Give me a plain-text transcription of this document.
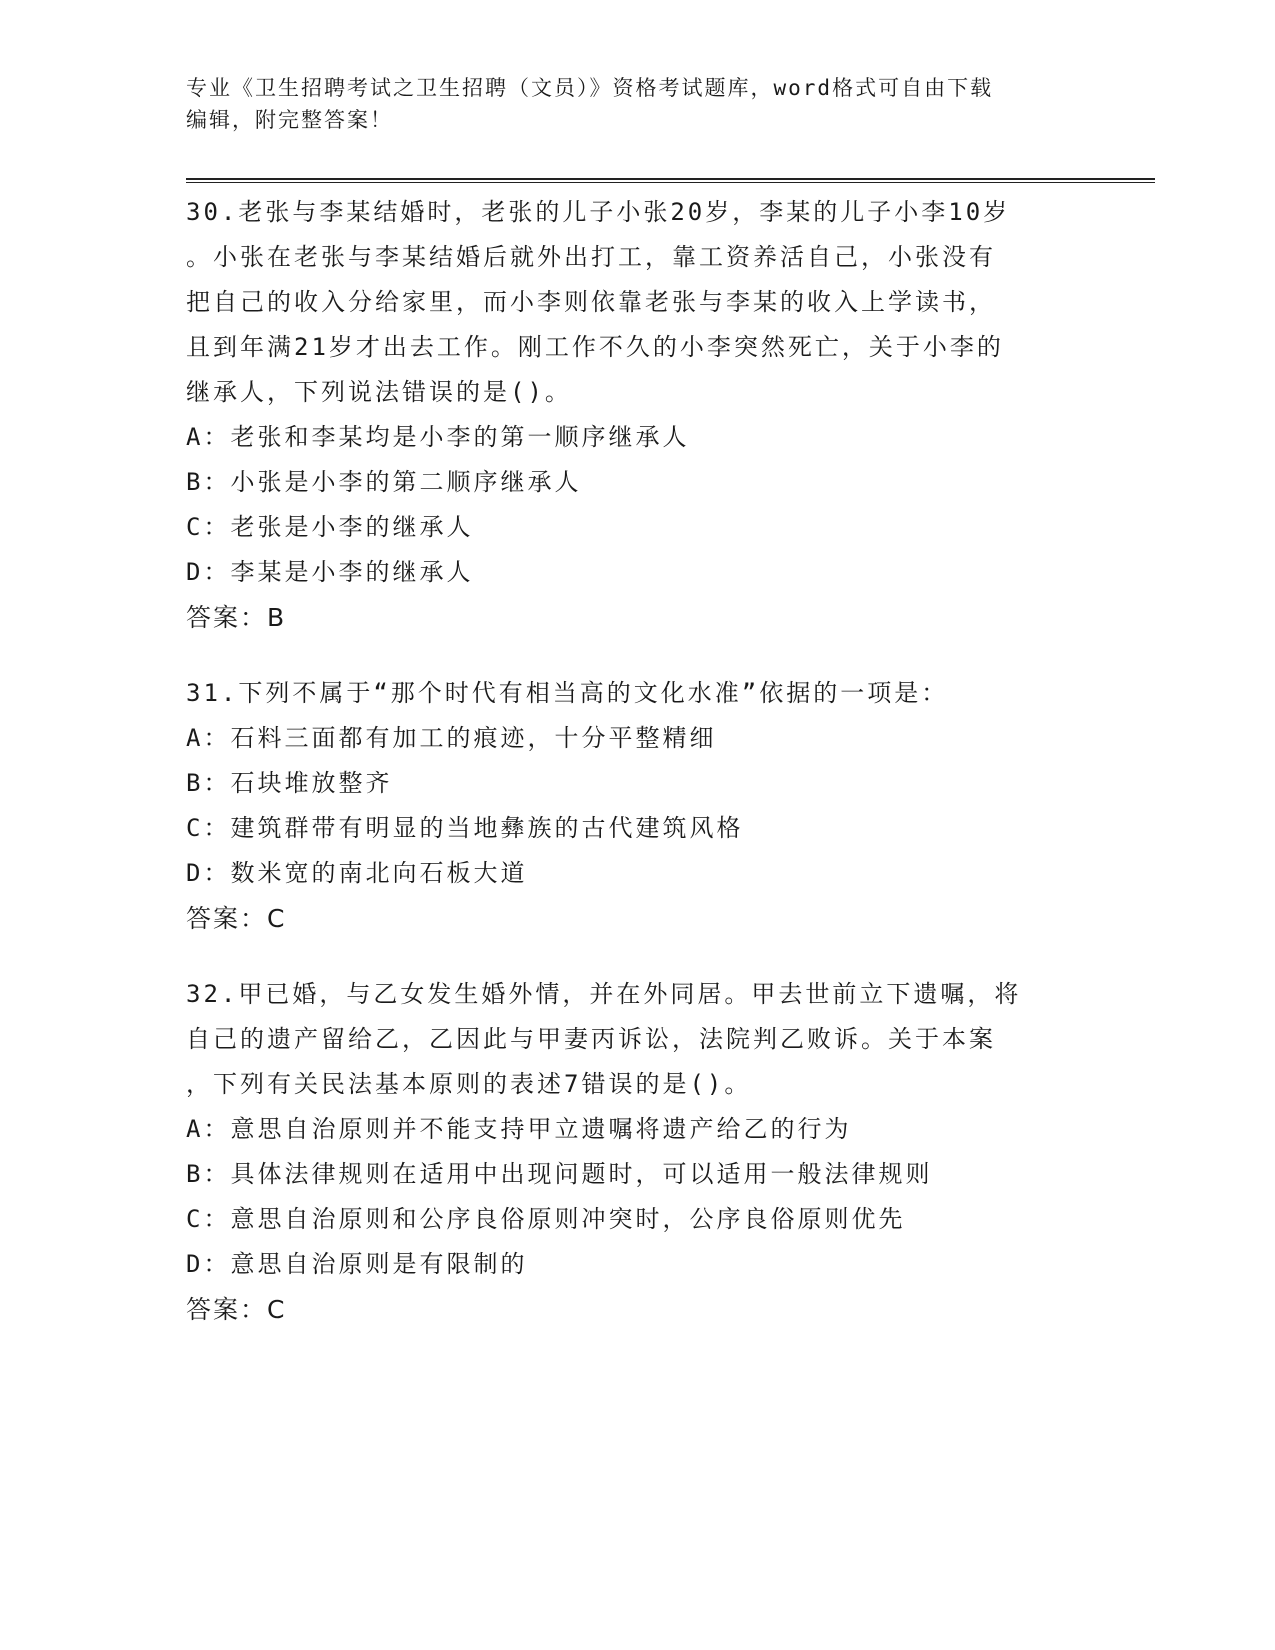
专业《卫生招聘考试之卫生招聘（文员）》资格考试题库，word格式可自由下载
编辑，附完整答案！
30.老张与李某结婚时，老张的儿子小张20岁，李某的儿子小李10岁
。小张在老张与李某结婚后就外出打工，靠工资养活自己，小张没有
把自己的收入分给家里，而小李则依靠老张与李某的收入上学读书，
且到年满21岁才出去工作。刚工作不久的小李突然死亡，关于小李的
继承人，下列说法错误的是()。
A：老张和李某均是小李的第一顺序继承人
B：小张是小李的第二顺序继承人
C：老张是小李的继承人
D：李某是小李的继承人
答案：B
31.下列不属于“那个时代有相当高的文化水准”依据的一项是：
A：石料三面都有加工的痕迹，十分平整精细
B：石块堆放整齐
C：建筑群带有明显的当地彝族的古代建筑风格
D：数米宽的南北向石板大道
答案：C
32.甲已婚，与乙女发生婚外情，并在外同居。甲去世前立下遗嘱，将
自己的遗产留给乙，乙因此与甲妻丙诉讼，法院判乙败诉。关于本案
，下列有关民法基本原则的表述7错误的是()。
A：意思自治原则并不能支持甲立遗嘱将遗产给乙的行为
B：具体法律规则在适用中出现问题时，可以适用一般法律规则
C：意思自治原则和公序良俗原则冲突时，公序良俗原则优先
D：意思自治原则是有限制的
答案：C
